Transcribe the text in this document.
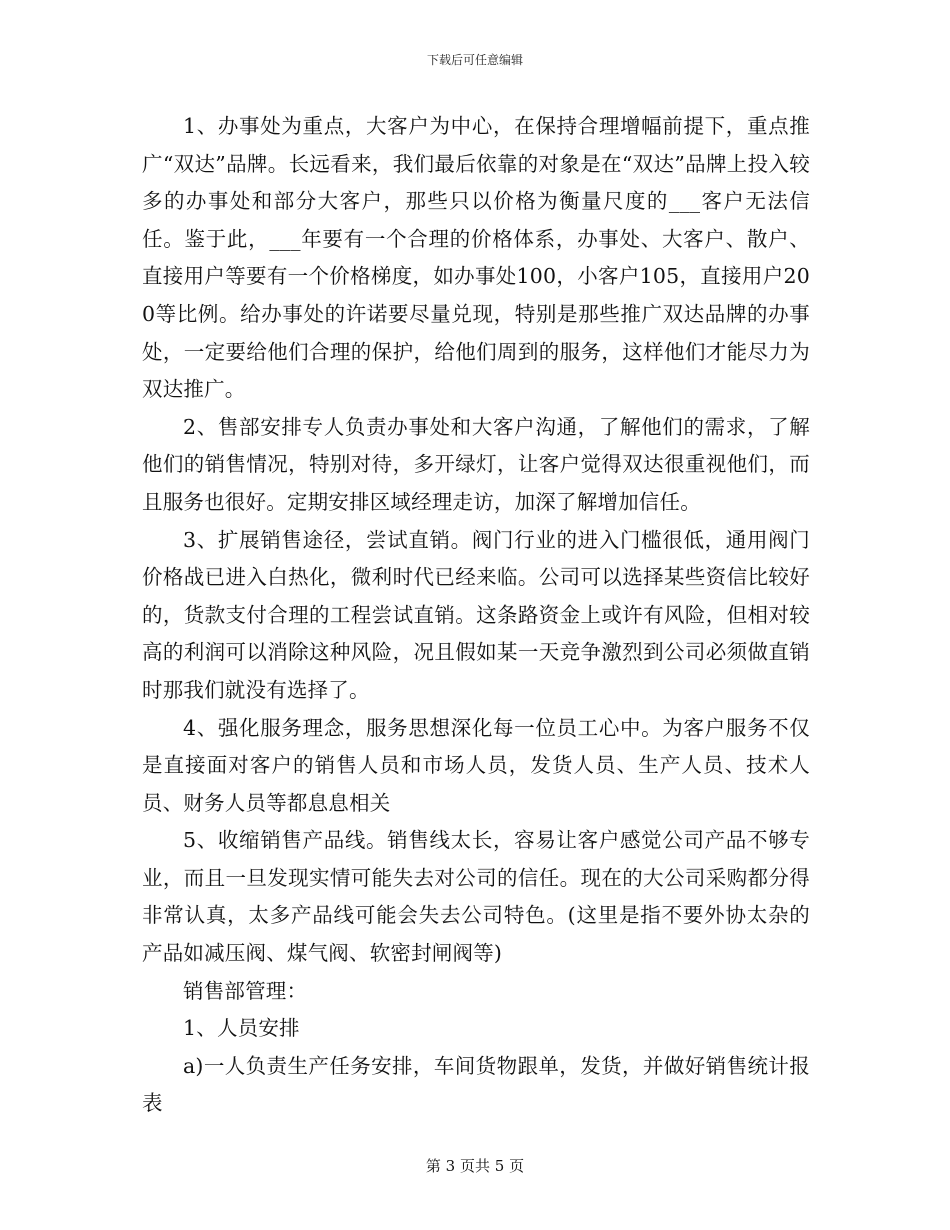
下载后可任意编辑

1、办事处为重点，大客户为中心，在保持合理增幅前提下，重点推广“双达”品牌。长远看来，我们最后依靠的对象是在“双达”品牌上投入较多的办事处和部分大客户，那些只以价格为衡量尺度的___客户无法信任。鉴于此，___年要有一个合理的价格体系，办事处、大客户、散户、直接用户等要有一个价格梯度，如办事处100，小客户105，直接用户200等比例。给办事处的许诺要尽量兑现，特别是那些推广双达品牌的办事处，一定要给他们合理的保护，给他们周到的服务，这样他们才能尽力为双达推广。

2、售部安排专人负责办事处和大客户沟通，了解他们的需求，了解他们的销售情况，特别对待，多开绿灯，让客户觉得双达很重视他们，而且服务也很好。定期安排区域经理走访，加深了解增加信任。

3、扩展销售途径，尝试直销。阀门行业的进入门槛很低，通用阀门价格战已进入白热化，微利时代已经来临。公司可以选择某些资信比较好的，货款支付合理的工程尝试直销。这条路资金上或许有风险，但相对较高的利润可以消除这种风险，况且假如某一天竞争激烈到公司必须做直销时那我们就没有选择了。

4、强化服务理念，服务思想深化每一位员工心中。为客户服务不仅是直接面对客户的销售人员和市场人员，发货人员、生产人员、技术人员、财务人员等都息息相关

5、收缩销售产品线。销售线太长，容易让客户感觉公司产品不够专业，而且一旦发现实情可能失去对公司的信任。现在的大公司采购都分得非常认真，太多产品线可能会失去公司特色。(这里是指不要外协太杂的产品如减压阀、煤气阀、软密封闸阀等)

销售部管理：

1、人员安排

a)一人负责生产任务安排，车间货物跟单，发货，并做好销售统计报表

第 3 页共 5 页
